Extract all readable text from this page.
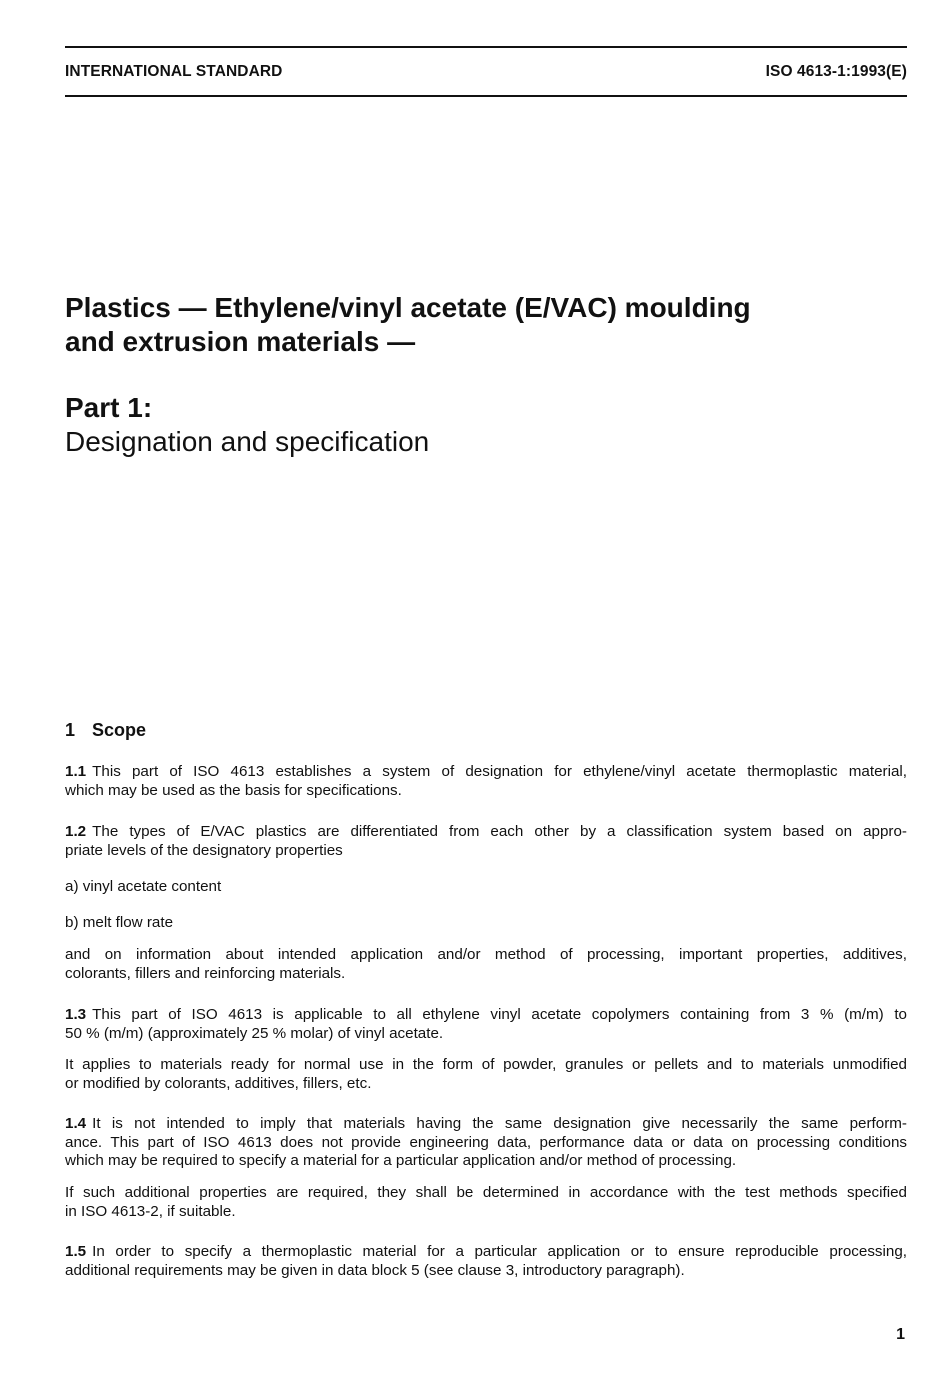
INTERNATIONAL STANDARD	ISO 4613-1:1993(E)
Plastics — Ethylene/vinyl acetate (E/VAC) moulding
and extrusion materials —
Part 1:
Designation and specification
1 Scope
1.1 This part of ISO 4613 establishes a system of designation for ethylene/vinyl acetate thermoplastic material,
which may be used as the basis for specifications.
1.2 The types of E/VAC plastics are differentiated from each other by a classification system based on appro-
priate levels of the designatory properties
a) vinyl acetate content
b) melt flow rate
and on information about intended application and/or method of processing, important properties, additives,
colorants, fillers and reinforcing materials.
1.3 This part of ISO 4613 is applicable to all ethylene vinyl acetate copolymers containing from 3 % (m/m) to
50 % (m/m) (approximately 25 % molar) of vinyl acetate.
It applies to materials ready for normal use in the form of powder, granules or pellets and to materials unmodified
or modified by colorants, additives, fillers, etc.
1.4 It is not intended to imply that materials having the same designation give necessarily the same perform-
ance. This part of ISO 4613 does not provide engineering data, performance data or data on processing conditions
which may be required to specify a material for a particular application and/or method of processing.
If such additional properties are required, they shall be determined in accordance with the test methods specified
in ISO 4613-2, if suitable.
1.5 In order to specify a thermoplastic material for a particular application or to ensure reproducible processing,
additional requirements may be given in data block 5 (see clause 3, introductory paragraph).
1
